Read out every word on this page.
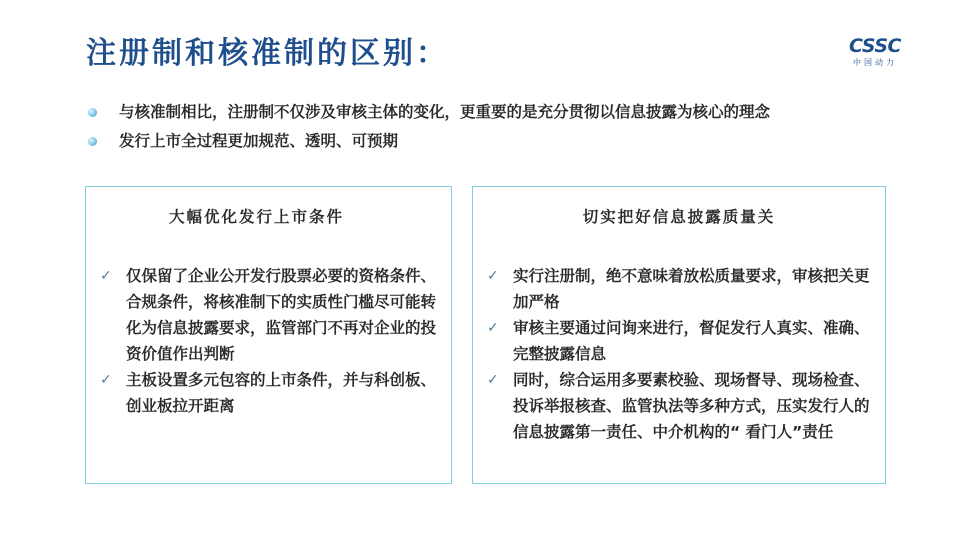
注册制和核准制的区别：	CSSC
中国动力
与核准制相比，注册制不仅涉及审核主体的变化，更重要的是充分贯彻以信息披露为核心的理念
发行上市全过程更加规范、透明、可预期
大幅优化发行上市条件
✓ 仅保留了企业公开发行股票必要的资格条件、合规条件，将核准制下的实质性门槛尽可能转化为信息披露要求，监管部门不再对企业的投资价值作出判断
✓ 主板设置多元包容的上市条件，并与科创板、创业板拉开距离
切实把好信息披露质量关
✓ 实行注册制，绝不意味着放松质量要求，审核把关更加严格
✓ 审核主要通过问询来进行，督促发行人真实、准确、完整披露信息
✓ 同时，综合运用多要素校验、现场督导、现场检查、投诉举报核查、监管执法等多种方式，压实发行人的信息披露第一责任、中介机构的“ 看门人”责任
